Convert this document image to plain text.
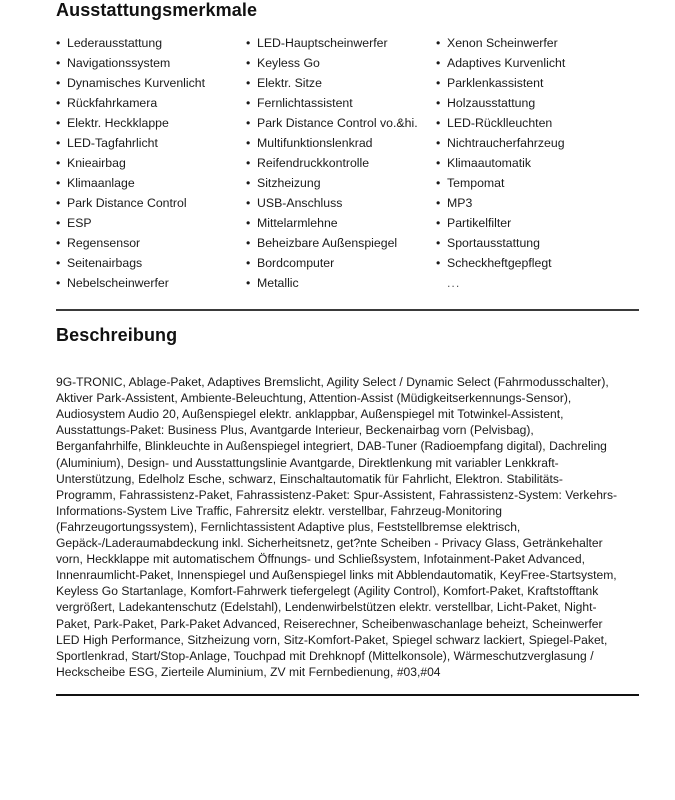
Ausstattungsmerkmale
• Lederausstattung
• Navigationssystem
• Dynamisches Kurvenlicht
• Rückfahrkamera
• Elektr. Heckklappe
• LED-Tagfahrlicht
• Knieairbag
• Klimaanlage
• Park Distance Control
• ESP
• Regensensor
• Seitenairbags
• Nebelscheinwerfer
• LED-Hauptscheinwerfer
• Keyless Go
• Elektr. Sitze
• Fernlichtassistent
• Park Distance Control vo.&hi.
• Multifunktionslenkrad
• Reifendruckkontrolle
• Sitzheizung
• USB-Anschluss
• Mittelarmlehne
• Beheizbare Außenspiegel
• Bordcomputer
• Metallic
• Xenon Scheinwerfer
• Adaptives Kurvenlicht
• Parklenkassistent
• Holzausstattung
• LED-Rücklleuchten
• Nichtraucherfahrzeug
• Klimaautomatik
• Tempomat
• MP3
• Partikelfilter
• Sportausstattung
• Scheckheftgepflegt
...
Beschreibung

9G-TRONIC, Ablage-Paket, Adaptives Bremslicht, Agility Select / Dynamic Select (Fahrmodusschalter), Aktiver Park-Assistent, Ambiente-Beleuchtung, Attention-Assist (Müdigkeitserkennungs-Sensor), Audiosystem Audio 20, Außenspiegel elektr. anklappbar, Außenspiegel mit Totwinkel-Assistent, Ausstattungs-Paket: Business Plus, Avantgarde Interieur, Beckenairbag vorn (Pelvisbag), Berganfahrhilfe, Blinkleuchte in Außenspiegel integriert, DAB-Tuner (Radioempfang digital), Dachreling (Aluminium), Design- und Ausstattungslinie Avantgarde, Direktlenkung mit variabler Lenkkraft-Unterstützung, Edelholz Esche, schwarz, Einschaltautomatik für Fahrlicht, Elektron. Stabilitäts-Programm, Fahrassistenz-Paket, Fahrassistenz-Paket: Spur-Assistent, Fahrassistenz-System: Verkehrs-Informations-System Live Traffic, Fahrersitz elektr. verstellbar, Fahrzeug-Monitoring (Fahrzeugortungssystem), Fernlichtassistent Adaptive plus, Feststellbremse elektrisch, Gepäck-/Laderaumabdeckung inkl. Sicherheitsnetz, get?nte Scheiben - Privacy Glass, Getränkehalter vorn, Heckklappe mit automatischem Öffnungs- und Schließsystem, Infotainment-Paket Advanced, Innenraumlicht-Paket, Innenspiegel und Außenspiegel links mit Abblendautomatik, KeyFree-Startsystem, Keyless Go Startanlage, Komfort-Fahrwerk tiefergelegt (Agility Control), Komfort-Paket, Kraftstofftank vergrößert, Ladekantenschutz (Edelstahl), Lendenwirbelstützen elektr. verstellbar, Licht-Paket, Night-Paket, Park-Paket, Park-Paket Advanced, Reiserechner, Scheibenwaschanlage beheizt, Scheinwerfer LED High Performance, Sitzheizung vorn, Sitz-Komfort-Paket, Spiegel schwarz lackiert, Spiegel-Paket, Sportlenkrad, Start/Stop-Anlage, Touchpad mit Drehknopf (Mittelkonsole), Wärmeschutzverglasung / Heckscheibe ESG, Zierteile Aluminium, ZV mit Fernbedienung, #03,#04
